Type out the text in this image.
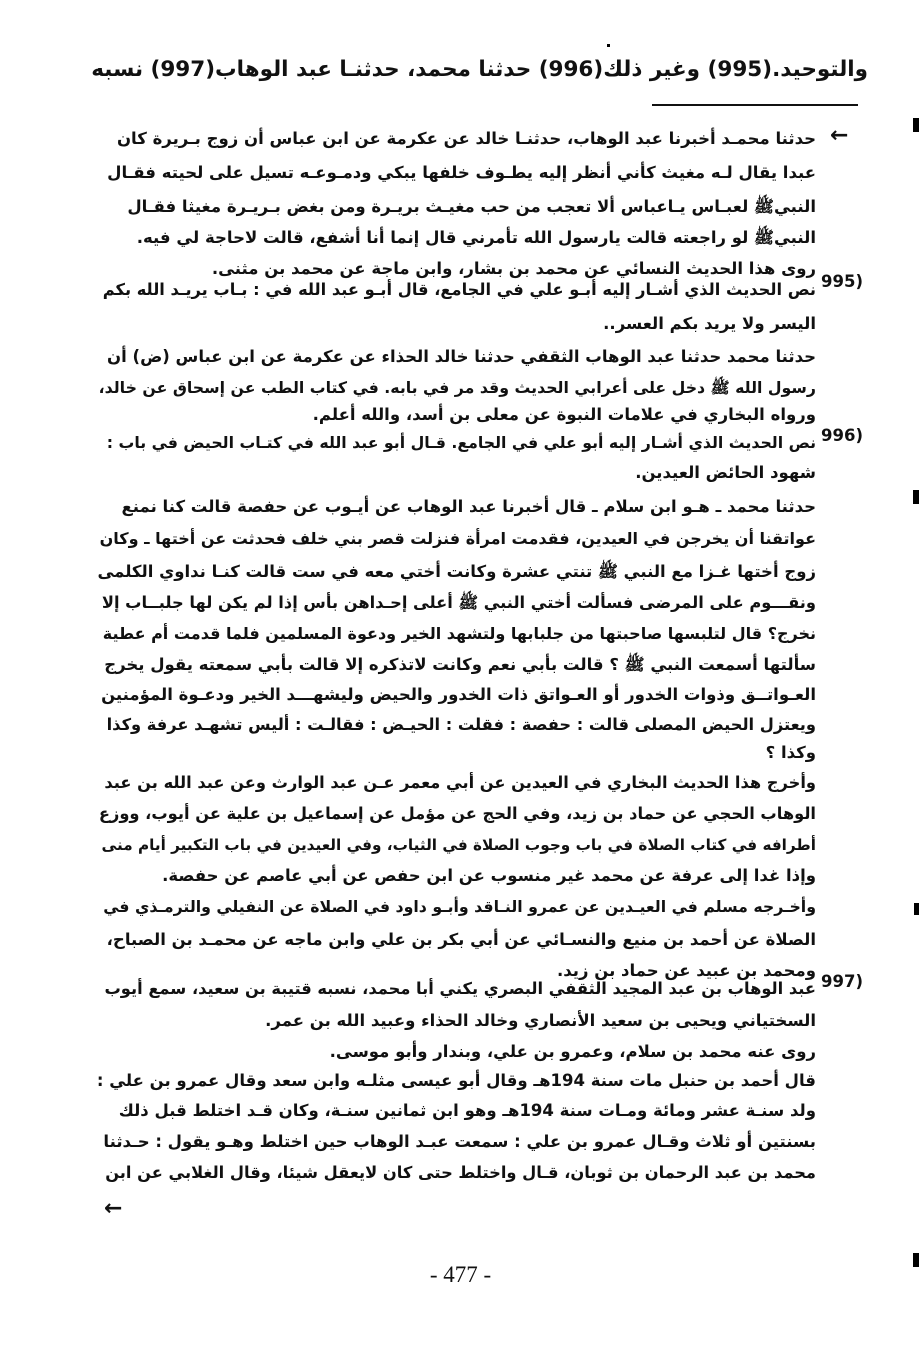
والتوحيد.(995) وغير ذلك(996) حدثنا محمد، حدثنـا عبد الوهاب(997) نسبه
←
حدثنا محمـد أخبرنا عبد الوهاب، حدثنـا خالد عن عكرمة عن ابن عباس أن زوج بـريرة كان
عبدا يقال لـه مغيث كأني أنظر إليه يطـوف خلفها يبكي ودمـوعـه تسيل على لحيته فقـال
النبيﷺ لعبـاس يـاعباس ألا تعجب من حب مغيـث بريـرة ومن بغض بـريـرة مغيثا فقـال
النبيﷺ لو راجعته قالت يارسول الله تأمرني قال إنما أنا أشفع، قالت لاحاجة لي فيه.
روى هذا الحديث النسائي عن محمد بن بشار، وابن ماجة عن محمد بن مثنى.
995)
نص الحديث الذي أشـار إليه أبـو علي في الجامع، قال أبـو عبد الله في : بـاب يريـد الله بكم
اليسر ولا يريد بكم العسر..
حدثنا محمد حدثنا عبد الوهاب الثقفي حدثنا خالد الحذاء عن عكرمة عن ابن عباس (ض) أن
رسول الله ﷺ دخل على أعرابي الحديث وقد مر في بابه. في كتاب الطب عن إسحاق عن خالد،
ورواه البخاري في علامات النبوة عن معلى بن أسد، والله أعلم.
996)
نص الحديث الذي أشـار إليه أبو علي في الجامع. قـال أبو عبد الله في كتـاب الحيض في باب :
شهود الحائض العيدين.
حدثنا محمد ـ هـو ابن سلام ـ قال أخبرنا عبد الوهاب عن أيـوب عن حفصة قالت كنا نمنع
عواتقنا أن يخرجن في العيدين، فقدمت امرأة فنزلت قصر بني خلف فحدثت عن أختها ـ وكان
زوج أختها غـزا مع النبي ﷺ تنتي عشرة وكانت أختي معه في ست قالت كنـا نداوي الكلمى
ونقـــوم على المرضى فسألت أختي النبي ﷺ أعلى إحـداهن بأس إذا لم يكن لها جلبــاب إلا
نخرج؟ قال لتلبسها صاحبتها من جلبابها ولتشهد الخير ودعوة المسلمين فلما قدمت أم عطية
سألتها أسمعت النبي ﷺ ؟ قالت بأبي نعم وكانت لاتذكره إلا قالت بأبي سمعته يقول يخرج
العـواتــق وذوات الخدور أو العـواتق ذات الخدور والحيض وليشهـــد الخير ودعـوة المؤمنين
ويعتزل الحيض المصلى قالت : حفصة : فقلت : الحيـض : فقالـت : أليس تشهـد عرفة وكذا
وكذا ؟
وأخرج هذا الحديث البخاري في العيدين عن أبي معمر عـن عبد الوارث وعن عبد الله بن عبد
الوهاب الحجي عن حماد بن زيد، وفي الحج عن مؤمل عن إسماعيل بن علية عن أيوب، ووزع
أطرافه في كتاب الصلاة في باب وجوب الصلاة في الثياب، وفي العيدين في باب التكبير أيام منى
وإذا غدا إلى عرفة عن محمد غير منسوب عن ابن حفص عن أبي عاصم عن حفصة.
وأخـرجه مسلم في العيـدين عن عمرو النـاقد وأبـو داود في الصلاة عن النفيلي والترمـذي في
الصلاة عن أحمد بن منيع والنسـائي عن أبي بكر بن علي وابن ماجه عن محمـد بن الصباح،
ومحمد بن عبيد عن حماد بن زيد.
997)
عبد الوهاب بن عبد المجيد الثقفي البصري يكني أبا محمد، نسبه قتيبة بن سعيد، سمع أيوب
السختياني ويحيى بن سعيد الأنصاري وخالد الحذاء وعبيد الله بن عمر.
روى عنه محمد بن سلام، وعمرو بن علي، وبندار وأبو موسى.
قال أحمد بن حنبل مات سنة 194هـ وقال أبو عيسى مثلـه وابن سعد وقال عمرو بن علي :
ولد سنـة عشر ومائة ومـات سنة 194هـ وهو ابن ثمانين سنـة، وكان قـد اختلط قبل ذلك
بسنتين أو ثلاث وقـال عمرو بن علي : سمعت عبـد الوهاب حين اختلط وهـو يقول : حـدثنا
محمد بن عبد الرحمان بن ثوبان، قـال واختلط حتى كان لايعقل شيئا، وقال الغلابي عن ابن
←
- 477 -
